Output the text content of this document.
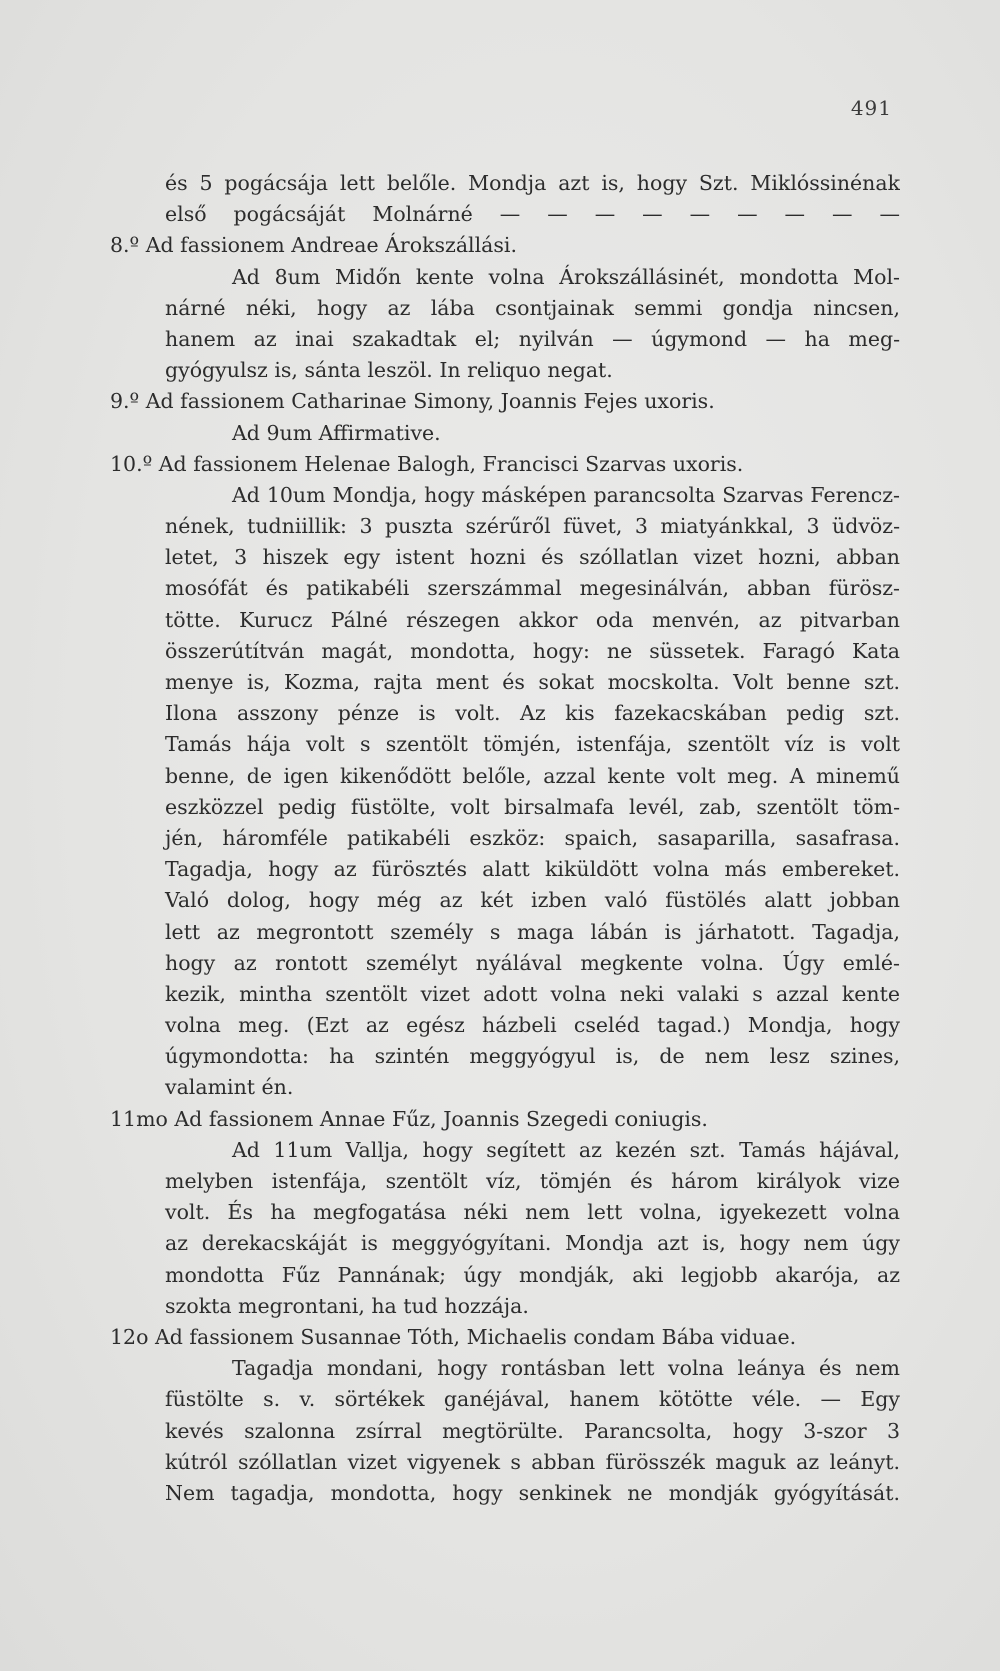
491
és 5 pogácsája lett belőle. Mondja azt is, hogy Szt. Miklóssinénak
első pogácsáját Molnárné — — — — — — — — —
8.º Ad fassionem Andreae Árokszállási.
Ad 8um Midőn kente volna Árokszállásinét, mondotta Mol-
nárné néki, hogy az lába csontjainak semmi gondja nincsen,
hanem az inai szakadtak el; nyilván — úgymond — ha meg-
gyógyulsz is, sánta leszöl. In reliquo negat.
9.º Ad fassionem Catharinae Simony, Joannis Fejes uxoris.
Ad 9um Affirmative.
10.º Ad fassionem Helenae Balogh, Francisci Szarvas uxoris.
Ad 10um Mondja, hogy másképen parancsolta Szarvas Ferencz-
nének, tudniillik: 3 puszta szérűről füvet, 3 miatyánkkal, 3 üdvöz-
letet, 3 hiszek egy istent hozni és szóllatlan vizet hozni, abban
mosófát és patikabéli szerszámmal megesinálván, abban fürösz-
tötte. Kurucz Pálné részegen akkor oda menvén, az pitvarban
összerútítván magát, mondotta, hogy: ne süssetek. Faragó Kata
menye is, Kozma, rajta ment és sokat mocskolta. Volt benne szt.
Ilona asszony pénze is volt. Az kis fazekacskában pedig szt.
Tamás hája volt s szentölt tömjén, istenfája, szentölt víz is volt
benne, de igen kikenődött belőle, azzal kente volt meg. A minemű
eszközzel pedig füstölte, volt birsalmafa levél, zab, szentölt töm-
jén, háromféle patikabéli eszköz: spaich, sasaparilla, sasafrasa.
Tagadja, hogy az fürösztés alatt kiküldött volna más embereket.
Való dolog, hogy még az két izben való füstölés alatt jobban
lett az megrontott személy s maga lábán is járhatott. Tagadja,
hogy az rontott személyt nyálával megkente volna. Úgy emlé-
kezik, mintha szentölt vizet adott volna neki valaki s azzal kente
volna meg. (Ezt az egész házbeli cseléd tagad.) Mondja, hogy
úgymondotta: ha szintén meggyógyul is, de nem lesz szines,
valamint én.
11mo Ad fassionem Annae Fűz, Joannis Szegedi coniugis.
Ad 11um Vallja, hogy segített az kezén szt. Tamás hájával,
melyben istenfája, szentölt víz, tömjén és három királyok vize
volt. És ha megfogatása néki nem lett volna, igyekezett volna
az derekacskáját is meggyógyítani. Mondja azt is, hogy nem úgy
mondotta Fűz Pannának; úgy mondják, aki legjobb akarója, az
szokta megrontani, ha tud hozzája.
12o Ad fassionem Susannae Tóth, Michaelis condam Bába viduae.
Tagadja mondani, hogy rontásban lett volna leánya és nem
füstölte s. v. sörtékek ganéjával, hanem kötötte véle. — Egy
kevés szalonna zsírral megtörülte. Parancsolta, hogy 3-szor 3
kútról szóllatlan vizet vigyenek s abban fürösszék maguk az leányt.
Nem tagadja, mondotta, hogy senkinek ne mondják gyógyítását.
